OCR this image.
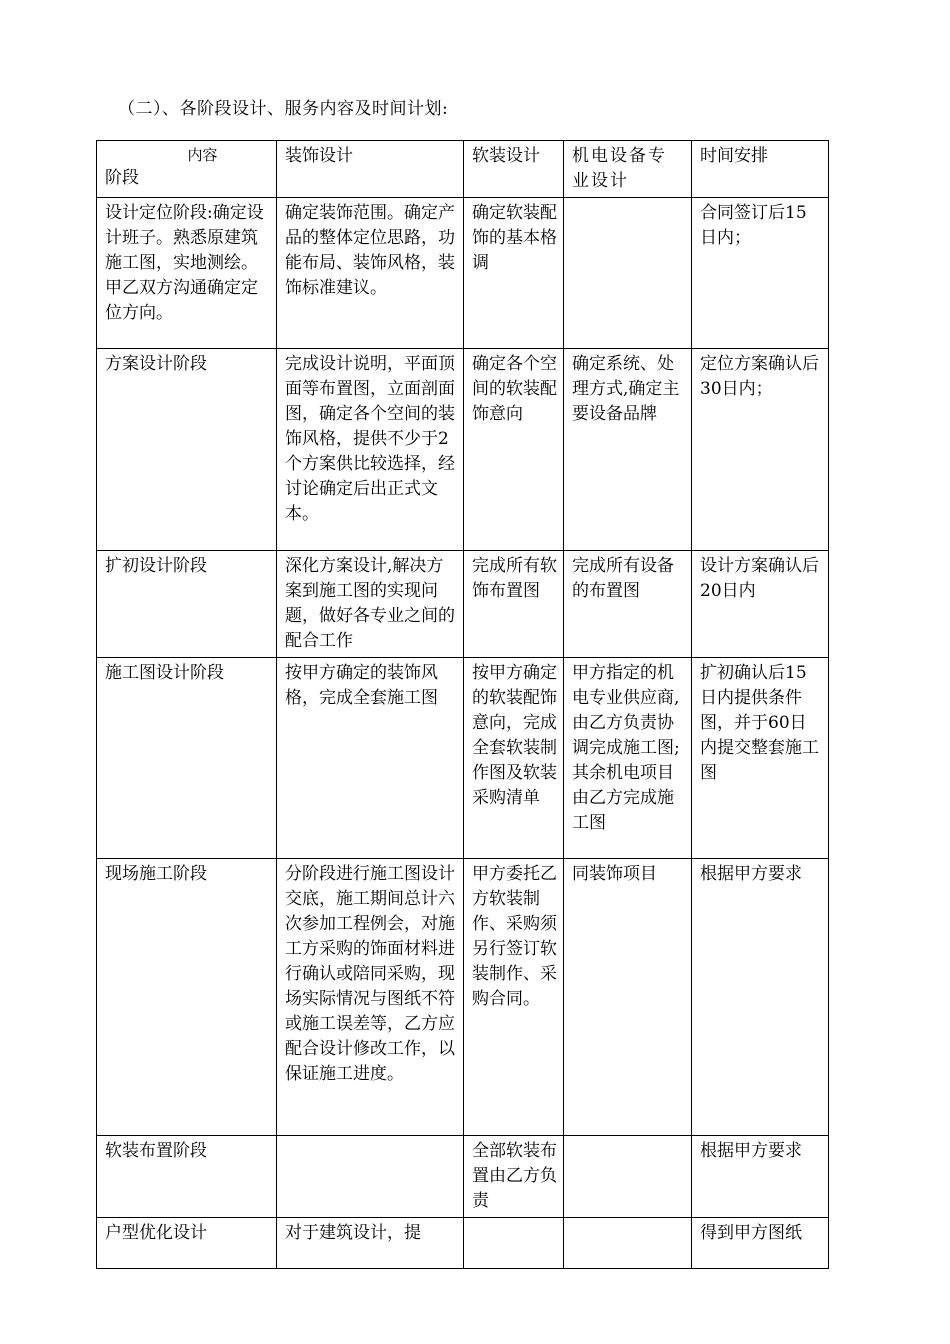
（二）、各阶段设计、服务内容及时间计划:
内容
阶段	装饰设计	软装设计	机电设备专业设计	时间安排
设计定位阶段:确定设计班子。熟悉原建筑施工图，实地测绘。甲乙双方沟通确定定位方向。	确定装饰范围。确定产品的整体定位思路，功能布局、装饰风格，装饰标准建议。	确定软装配饰的基本格调		合同签订后15日内；
方案设计阶段	完成设计说明，平面顶面等布置图，立面剖面图，确定各个空间的装饰风格，提供不少于2个方案供比较选择，经讨论确定后出正式文本。	确定各个空间的软装配饰意向	确定系统、处理方式,确定主要设备品牌	定位方案确认后30日内；
扩初设计阶段	深化方案设计,解决方案到施工图的实现问题，做好各专业之间的配合工作	完成所有软饰布置图	完成所有设备的布置图	设计方案确认后20日内
施工图设计阶段	按甲方确定的装饰风格，完成全套施工图	按甲方确定的软装配饰意向，完成全套软装制作图及软装采购清单	甲方指定的机电专业供应商,由乙方负责协调完成施工图;其余机电项目由乙方完成施工图	扩初确认后15日内提供条件图，并于60日内提交整套施工图
现场施工阶段	分阶段进行施工图设计交底，施工期间总计六次参加工程例会，对施工方采购的饰面材料进行确认或陪同采购，现场实际情况与图纸不符或施工误差等，乙方应配合设计修改工作，以保证施工进度。	甲方委托乙方软装制作、采购须另行签订软装制作、采购合同。	同装饰项目	根据甲方要求
软装布置阶段		全部软装布置由乙方负责		根据甲方要求
户型优化设计	对于建筑设计，提			得到甲方图纸
